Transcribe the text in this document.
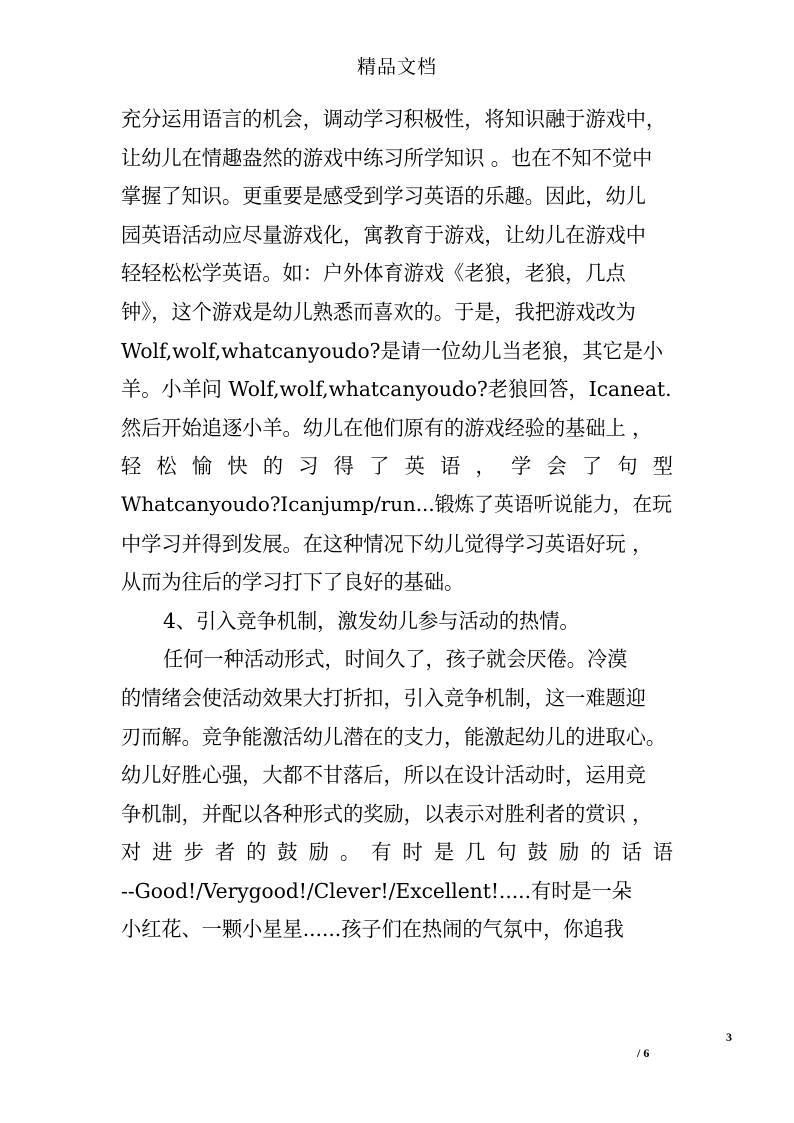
精品文档
充分运用语言的机会，调动学习积极性，将知识融于游戏中，
让幼儿在情趣盎然的游戏中练习所学知识 。也在不知不觉中
掌握了知识。更重要是感受到学习英语的乐趣。因此，幼儿
园英语活动应尽量游戏化，寓教育于游戏，让幼儿在游戏中
轻轻松松学英语。如：户外体育游戏《老狼，老狼，几点
钟》，这个游戏是幼儿熟悉而喜欢的。于是，我把游戏改为
Wolf,wolf,whatcanyoudo?是请一位幼儿当老狼，其它是小
羊。小羊问 Wolf,wolf,whatcanyoudo?老狼回答，Icaneat.
然后开始追逐小羊。幼儿在他们原有的游戏经验的基础上 ，
轻 松 愉 快 的 习 得 了 英 语 ， 学 会 了 句 型
Whatcanyoudo?Icanjump/run...锻炼了英语听说能力，在玩
中学习并得到发展。在这种情况下幼儿觉得学习英语好玩 ，
从而为往后的学习打下了良好的基础。
4、引入竞争机制，激发幼儿参与活动的热情。
任何一种活动形式，时间久了，孩子就会厌倦。冷漠
的情绪会使活动效果大打折扣，引入竞争机制，这一难题迎
刃而解。竞争能激活幼儿潜在的支力，能激起幼儿的进取心。
幼儿好胜心强，大都不甘落后，所以在设计活动时，运用竞
争机制，并配以各种形式的奖励，以表示对胜利者的赏识 ，
对 进 步 者 的 鼓 励 。 有 时 是 几 句 鼓 励 的 话 语
--Good!/Verygood!/Clever!/Excellent!.....有时是一朵
小红花、一颗小星星......孩子们在热闹的气氛中，你追我
3
/ 6
